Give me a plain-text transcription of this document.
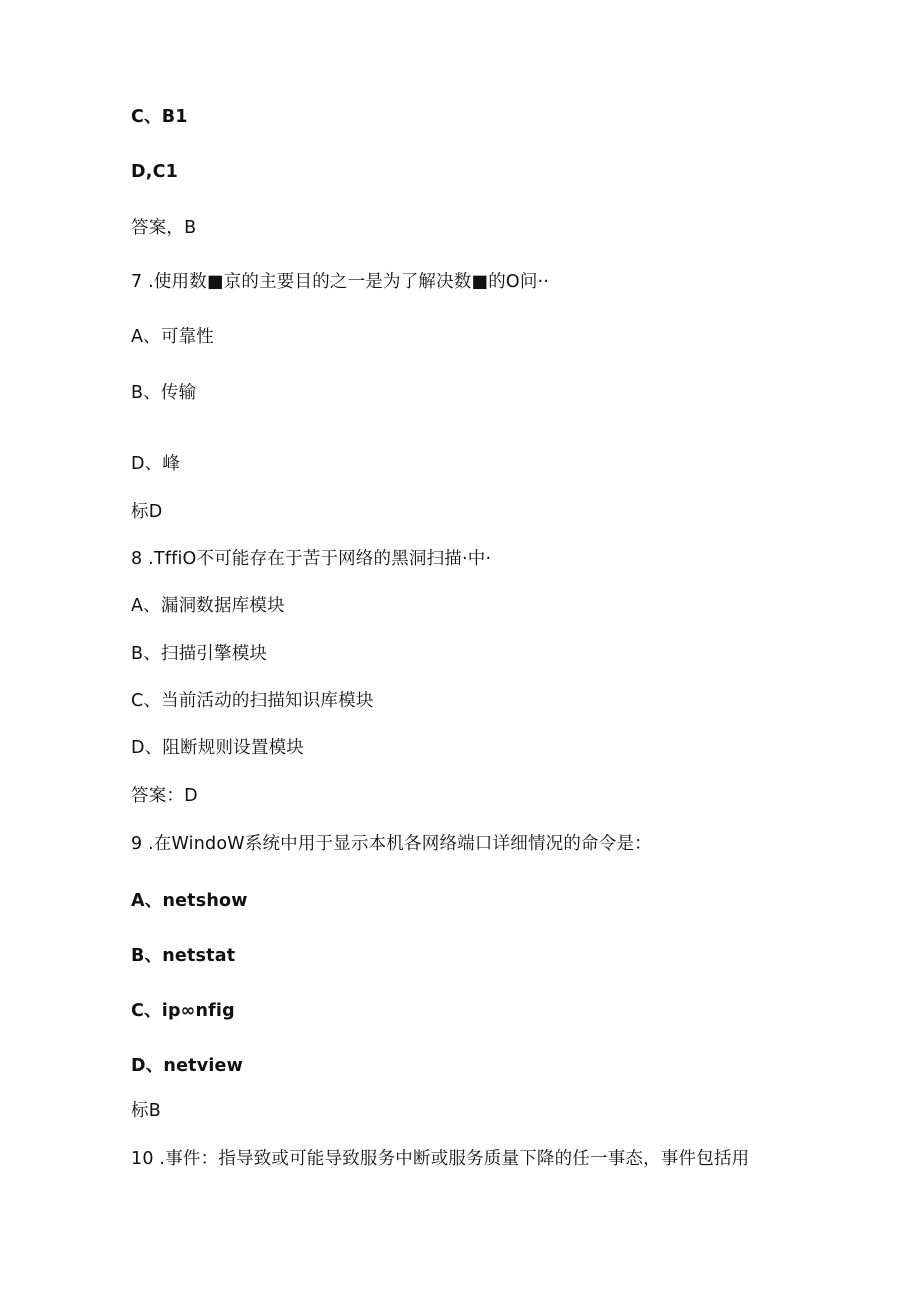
C、B1
D,C1
答案，B
7 .使用数■京的主要目的之一是为了解决数■的O问··
A、可靠性
B、传输
D、峰
标D
8 .TffiO不可能存在于苦于网络的黑洞扫描·中·
A、漏洞数据库模块
B、扫描引擎模块
C、当前活动的扫描知识库模块
D、阻断规则设置模块
答案：D
9 .在WindoW系统中用于显示本机各网络端口详细情况的命令是：
A、netshow
B、netstat
C、ip∞nfig
D、netview
标B
10 .事件：指导致或可能导致服务中断或服务质量下降的任一事态，事件包括用
